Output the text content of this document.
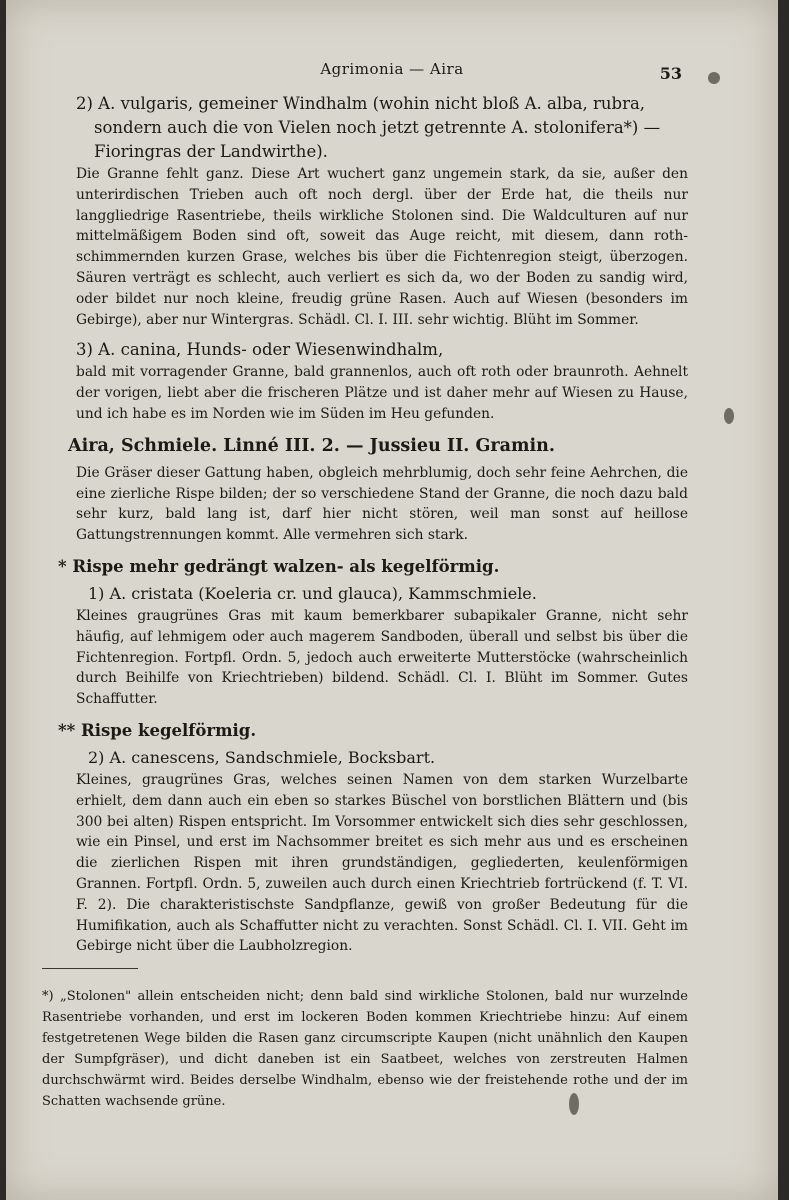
Agrimonia — Aira	53

2) A. vulgaris, gemeiner Windhalm (wohin nicht bloß A. alba, rubra, sondern auch die von Vielen noch jetzt getrennte A. stolonifera*) — Fioringras der Landwirthe).

Die Granne fehlt ganz. Diese Art wuchert ganz ungemein stark, da sie, außer den unterirdischen Trieben auch oft noch dergl. über der Erde hat, die theils nur langgliedrige Rasentriebe, theils wirkliche Stolonen sind. Die Waldculturen auf nur mittelmäßigem Boden sind oft, soweit das Auge reicht, mit diesem, dann roth-schimmernden kurzen Grase, welches bis über die Fichtenregion steigt, überzogen. Säuren verträgt es schlecht, auch verliert es sich da, wo der Boden zu sandig wird, oder bildet nur noch kleine, freudig grüne Rasen. Auch auf Wiesen (besonders im Gebirge), aber nur Wintergras. Schädl. Cl. I. III. sehr wichtig. Blüht im Sommer.

3) A. canina, Hunds- oder Wiesenwindhalm,

bald mit vorragender Granne, bald grannenlos, auch oft roth oder braunroth. Aehnelt der vorigen, liebt aber die frischeren Plätze und ist daher mehr auf Wiesen zu Hause, und ich habe es im Norden wie im Süden im Heu gefunden.

Aira, Schmiele. Linné III. 2. — Jussieu II. Gramin.

Die Gräser dieser Gattung haben, obgleich mehrblumig, doch sehr feine Aehrchen, die eine zierliche Rispe bilden; der so verschiedene Stand der Granne, die noch dazu bald sehr kurz, bald lang ist, darf hier nicht stören, weil man sonst auf heillose Gattungstrennungen kommt. Alle vermehren sich stark.

* Rispe mehr gedrängt walzen- als kegelförmig.

1) A. cristata (Koeleria cr. und glauca), Kammschmiele.

Kleines graugrünes Gras mit kaum bemerkbarer subapikaler Granne, nicht sehr häufig, auf lehmigem oder auch magerem Sandboden, überall und selbst bis über die Fichtenregion. Fortpfl. Ordn. 5, jedoch auch erweiterte Mutterstöcke (wahrscheinlich durch Beihilfe von Kriechtrieben) bildend. Schädl. Cl. I. Blüht im Sommer. Gutes Schaffutter.

** Rispe kegelförmig.

2) A. canescens, Sandschmiele, Bocksbart.

Kleines, graugrünes Gras, welches seinen Namen von dem starken Wurzelbarte erhielt, dem dann auch ein eben so starkes Büschel von borstlichen Blättern und (bis 300 bei alten) Rispen entspricht. Im Vorsommer entwickelt sich dies sehr geschlossen, wie ein Pinsel, und erst im Nachsommer breitet es sich mehr aus und es erscheinen die zierlichen Rispen mit ihren grundständigen, gegliederten, keulenförmigen Grannen. Fortpfl. Ordn. 5, zuweilen auch durch einen Kriechtrieb fortrückend (f. T. VI. F. 2). Die charakteristischste Sandpflanze, gewiß von großer Bedeutung für die Humifikation, auch als Schaffutter nicht zu verachten. Sonst Schädl. Cl. I. VII. Geht im Gebirge nicht über die Laubholzregion.

*) „Stolonen" allein entscheiden nicht; denn bald sind wirkliche Stolonen, bald nur wurzelnde Rasentriebe vorhanden, und erst im lockeren Boden kommen Kriechtriebe hinzu: Auf einem festgetretenen Wege bilden die Rasen ganz circumscripte Kaupen (nicht unähnlich den Kaupen der Sumpfgräser), und dicht daneben ist ein Saatbeet, welches von zerstreuten Halmen durchschwärmt wird. Beides derselbe Windhalm, ebenso wie der freistehende rothe und der im Schatten wachsende grüne.
